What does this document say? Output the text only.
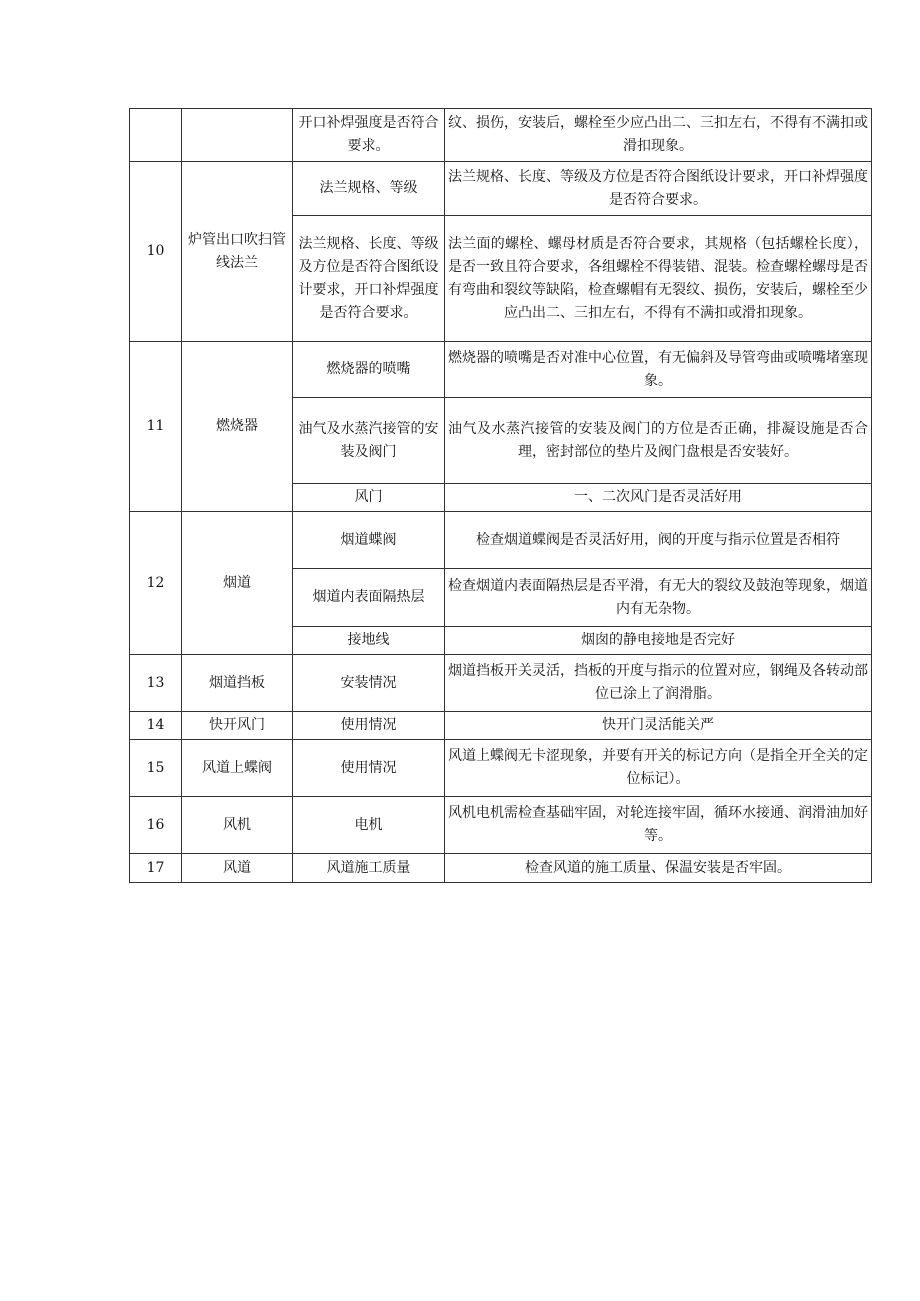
		开口补焊强度是否符合要求。	纹、损伤，安装后，螺栓至少应凸出二、三扣左右，不得有不满扣或滑扣现象。
10	炉管出口吹扫管线法兰	法兰规格、等级	法兰规格、长度、等级及方位是否符合图纸设计要求，开口补焊强度是否符合要求。
		法兰规格、长度、等级及方位是否符合图纸设计要求，开口补焊强度是否符合要求。	法兰面的螺栓、螺母材质是否符合要求，其规格（包括螺栓长度），是否一致且符合要求，各组螺栓不得装错、混装。检查螺栓螺母是否有弯曲和裂纹等缺陷，检查螺帽有无裂纹、损伤，安装后，螺栓至少应凸出二、三扣左右，不得有不满扣或滑扣现象。
11	燃烧器	燃烧器的喷嘴	燃烧器的喷嘴是否对准中心位置，有无偏斜及导管弯曲或喷嘴堵塞现象。
		油气及水蒸汽接管的安装及阀门	油气及水蒸汽接管的安装及阀门的方位是否正确，排凝设施是否合理，密封部位的垫片及阀门盘根是否安装好。
		风门	一、二次风门是否灵活好用
12	烟道	烟道蝶阀	检查烟道蝶阀是否灵活好用，阀的开度与指示位置是否相符
		烟道内表面隔热层	检查烟道内表面隔热层是否平滑，有无大的裂纹及鼓泡等现象，烟道内有无杂物。
		接地线	烟囱的静电接地是否完好
13	烟道挡板	安装情况	烟道挡板开关灵活，挡板的开度与指示的位置对应，钢绳及各转动部位已涂上了润滑脂。
14	快开风门	使用情况	快开门灵活能关严
15	风道上蝶阀	使用情况	风道上蝶阀无卡涩现象，并要有开关的标记方向（是指全开全关的定位标记）。
16	风机	电机	风机电机需检查基础牢固，对轮连接牢固，循环水接通、润滑油加好等。
17	风道	风道施工质量	检查风道的施工质量、保温安装是否牢固。
